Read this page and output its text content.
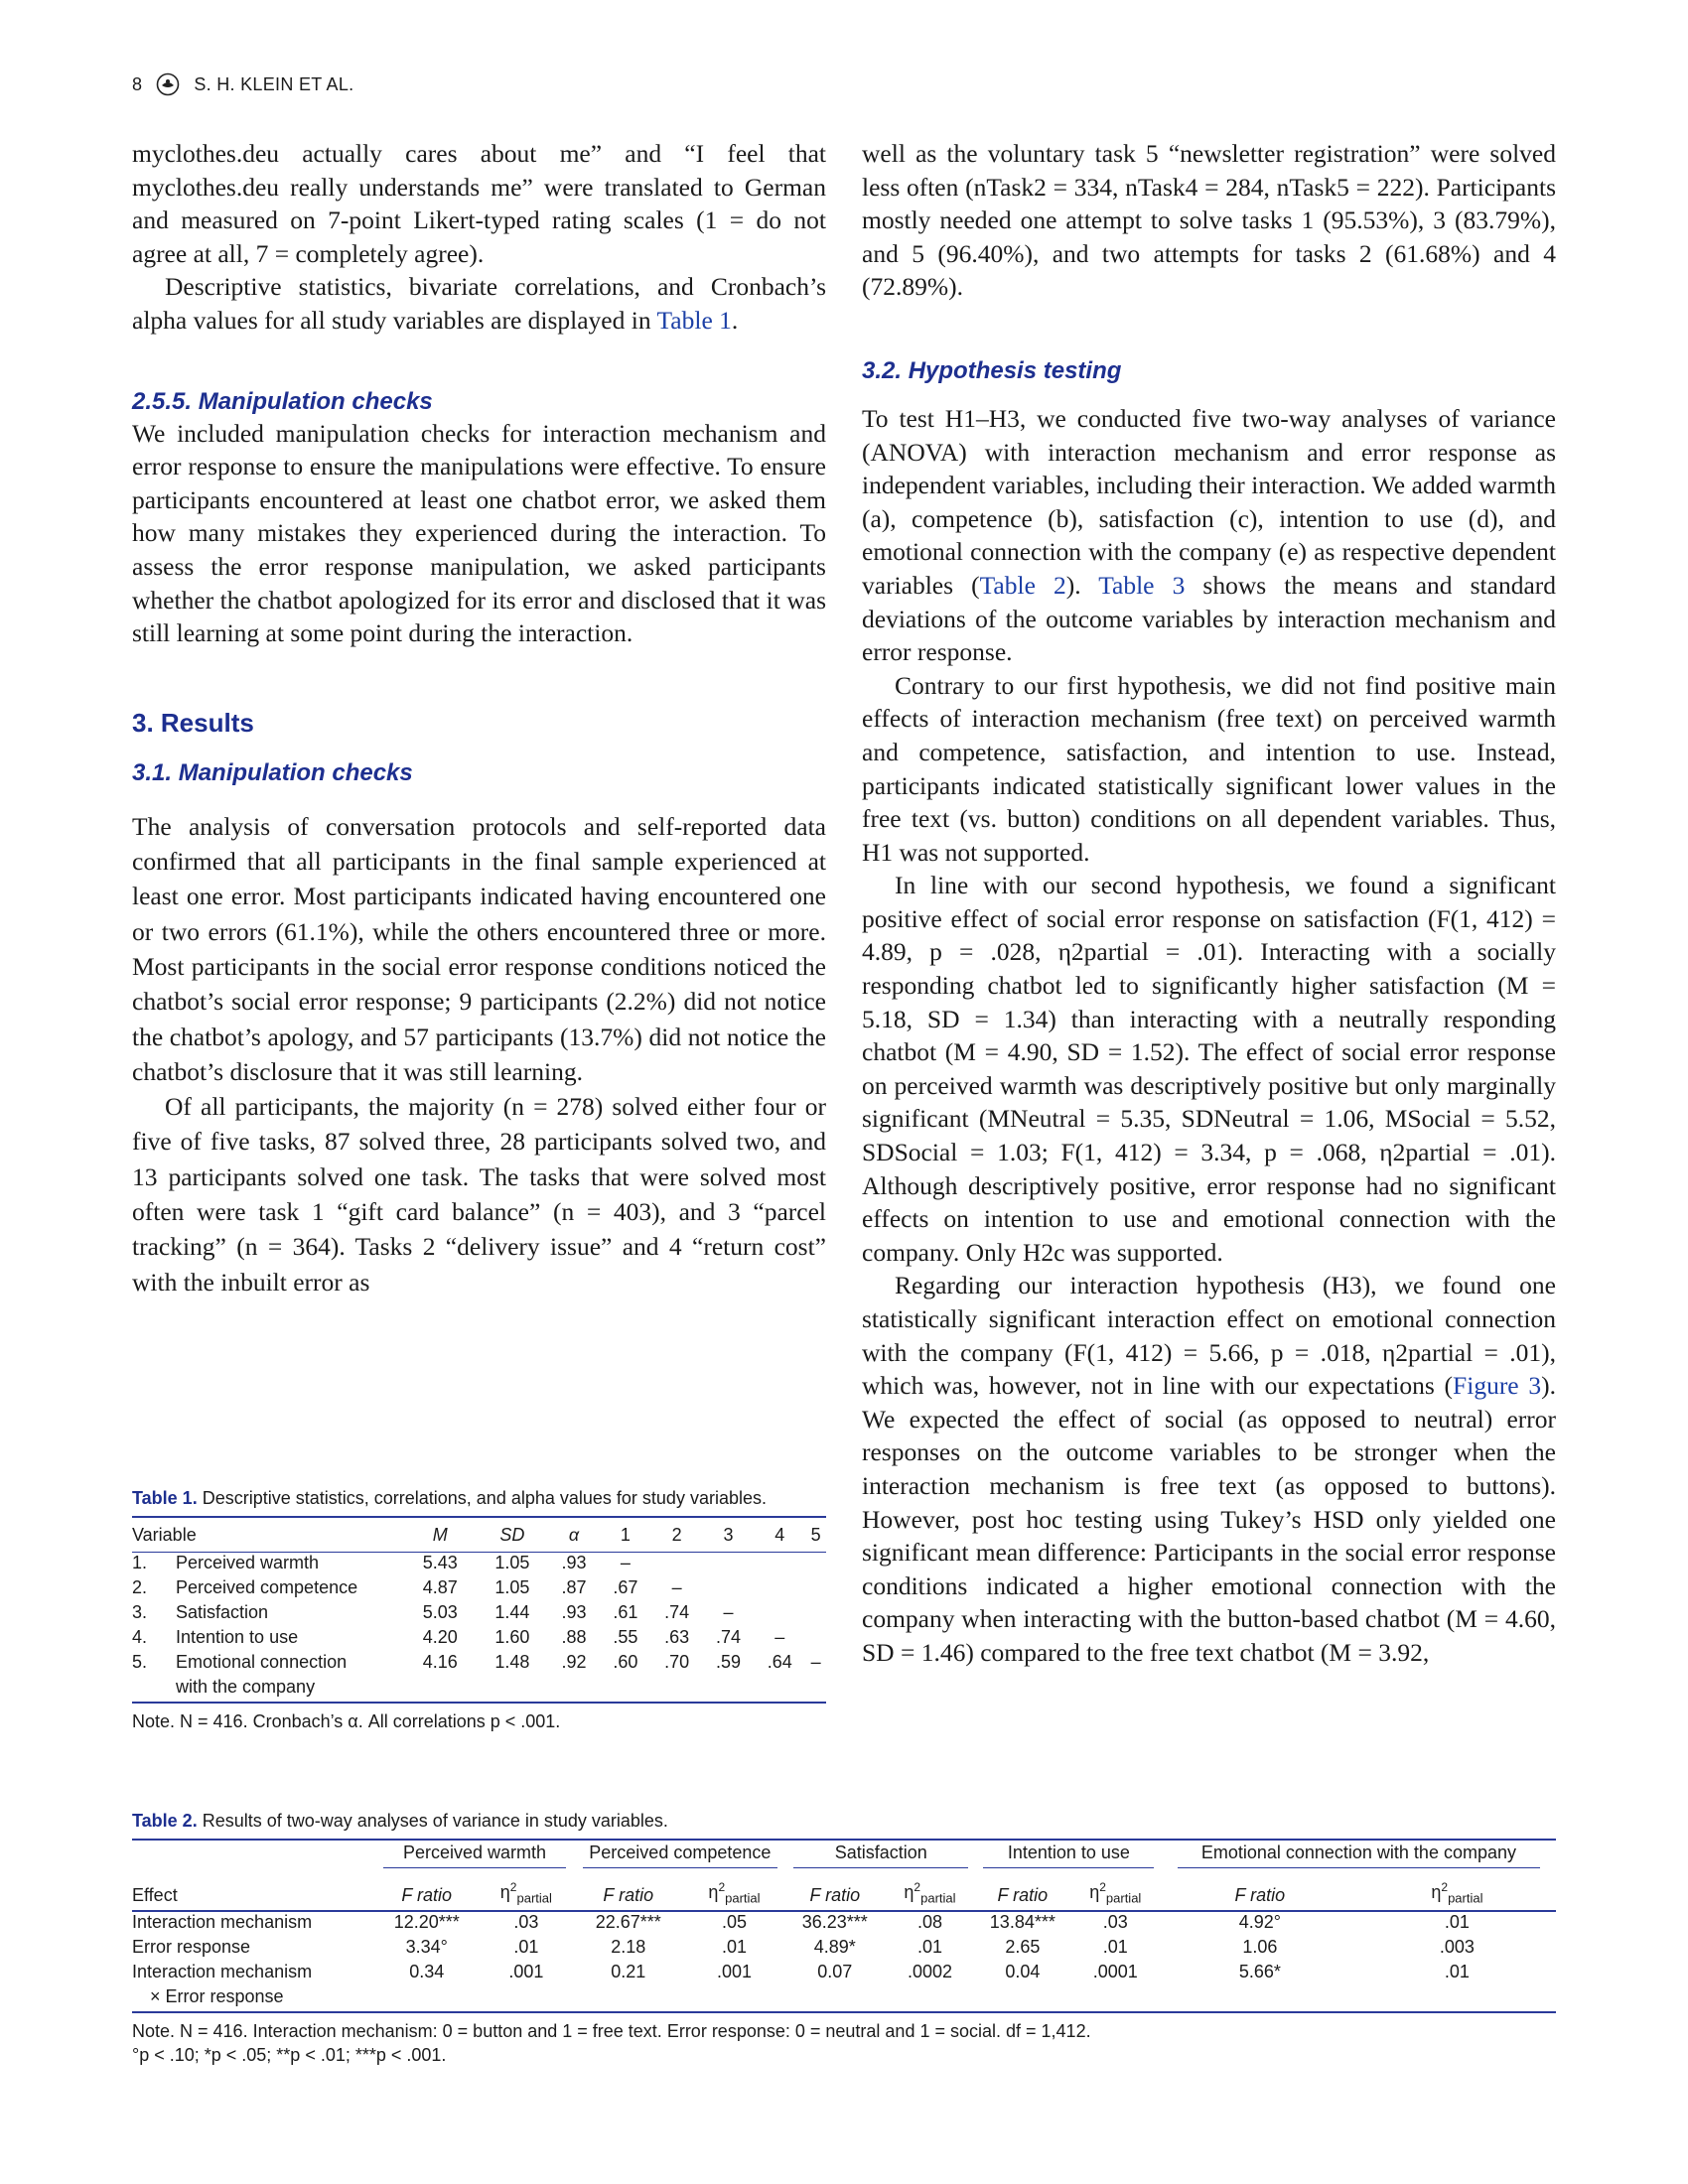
8	S. H. KLEIN ET AL.

myclothes.deu actually cares about me” and “I feel that myclothes.deu really understands me” were translated to German and measured on 7-point Likert-typed rating scales (1 = do not agree at all, 7 = completely agree).

Descriptive statistics, bivariate correlations, and Cronbach’s alpha values for all study variables are displayed in Table 1.

2.5.5. Manipulation checks

We included manipulation checks for interaction mechanism and error response to ensure the manipulations were effective. To ensure participants encountered at least one chatbot error, we asked them how many mistakes they experienced during the interaction. To assess the error response manipulation, we asked participants whether the chatbot apologized for its error and disclosed that it was still learning at some point during the interaction.

3. Results

3.1. Manipulation checks

The analysis of conversation protocols and self-reported data confirmed that all participants in the final sample experienced at least one error. Most participants indicated having encountered one or two errors (61.1%), while the others encountered three or more. Most participants in the social error response conditions noticed the chatbot’s social error response; 9 participants (2.2%) did not notice the chatbot’s apology, and 57 participants (13.7%) did not notice the chatbot’s disclosure that it was still learning.

Of all participants, the majority (n = 278) solved either four or five of five tasks, 87 solved three, 28 participants solved two, and 13 participants solved one task. The tasks that were solved most often were task 1 “gift card balance” (n = 403), and 3 “parcel tracking” (n = 364). Tasks 2 “delivery issue” and 4 “return cost” with the inbuilt error as

well as the voluntary task 5 “newsletter registration” were solved less often (nTask2 = 334, nTask4 = 284, nTask5 = 222). Participants mostly needed one attempt to solve tasks 1 (95.53%), 3 (83.79%), and 5 (96.40%), and two attempts for tasks 2 (61.68%) and 4 (72.89%).

3.2. Hypothesis testing

To test H1–H3, we conducted five two-way analyses of variance (ANOVA) with interaction mechanism and error response as independent variables, including their interaction. We added warmth (a), competence (b), satisfaction (c), intention to use (d), and emotional connection with the company (e) as respective dependent variables (Table 2). Table 3 shows the means and standard deviations of the outcome variables by interaction mechanism and error response.

Contrary to our first hypothesis, we did not find positive main effects of interaction mechanism (free text) on perceived warmth and competence, satisfaction, and intention to use. Instead, participants indicated statistically significant lower values in the free text (vs. button) conditions on all dependent variables. Thus, H1 was not supported.

In line with our second hypothesis, we found a significant positive effect of social error response on satisfaction (F(1, 412) = 4.89, p = .028, η2partial = .01). Interacting with a socially responding chatbot led to significantly higher satisfaction (M = 5.18, SD = 1.34) than interacting with a neutrally responding chatbot (M = 4.90, SD = 1.52). The effect of social error response on perceived warmth was descriptively positive but only marginally significant (MNeutral = 5.35, SDNeutral = 1.06, MSocial = 5.52, SDSocial = 1.03; F(1, 412) = 3.34, p = .068, η2partial = .01). Although descriptively positive, error response had no significant effects on intention to use and emotional connection with the company. Only H2c was supported.

Regarding our interaction hypothesis (H3), we found one statistically significant interaction effect on emotional connection with the company (F(1, 412) = 5.66, p = .018, η2partial = .01), which was, however, not in line with our expectations (Figure 3). We expected the effect of social (as opposed to neutral) error responses on the outcome variables to be stronger when the interaction mechanism is free text (as opposed to buttons). However, post hoc testing using Tukey’s HSD only yielded one significant mean difference: Participants in the social error response conditions indicated a higher emotional connection with the company when interacting with the button-based chatbot (M = 4.60, SD = 1.46) compared to the free text chatbot (M = 3.92,

Table 1. Descriptive statistics, correlations, and alpha values for study variables.
Variable		M	SD	α	1	2	3	4	5
1.	Perceived warmth	5.43	1.05	.93	–				
2.	Perceived competence	4.87	1.05	.87	.67	–			
3.	Satisfaction	5.03	1.44	.93	.61	.74	–		
4.	Intention to use	4.20	1.60	.88	.55	.63	.74	–	
5.	Emotional connection	4.16	1.48	.92	.60	.70	.59	.64	–
	with the company								
Note. N = 416. Cronbach’s α. All correlations p < .001.
Table 2. Results of two-way analyses of variance in study variables.
	Perceived warmth		Perceived competence		Satisfaction		Intention to use		Emotional connection with the company	
Effect	F ratio	$\eta^2_{partial}$	F ratio	$\eta^2_{partial}$	F ratio	$\eta^2_{partial}$	F ratio	$\eta^2_{partial}$	F ratio	$\eta^2_{partial}$
Interaction mechanism	12.20***	.03	22.67***	.05	36.23***	.08	13.84***	.03	4.92°	.01
Error response	3.34°	.01	2.18	.01	4.89*	.01	2.65	.01	1.06	.003
Interaction mechanism	0.34	.001	0.21	.001	0.07	.0002	0.04	.0001	5.66*	.01
× Error response										
Note. N = 416. Interaction mechanism: 0 = button and 1 = free text. Error response: 0 = neutral and 1 = social. df = 1,412.
°p < .10; *p < .05; **p < .01; ***p < .001.
